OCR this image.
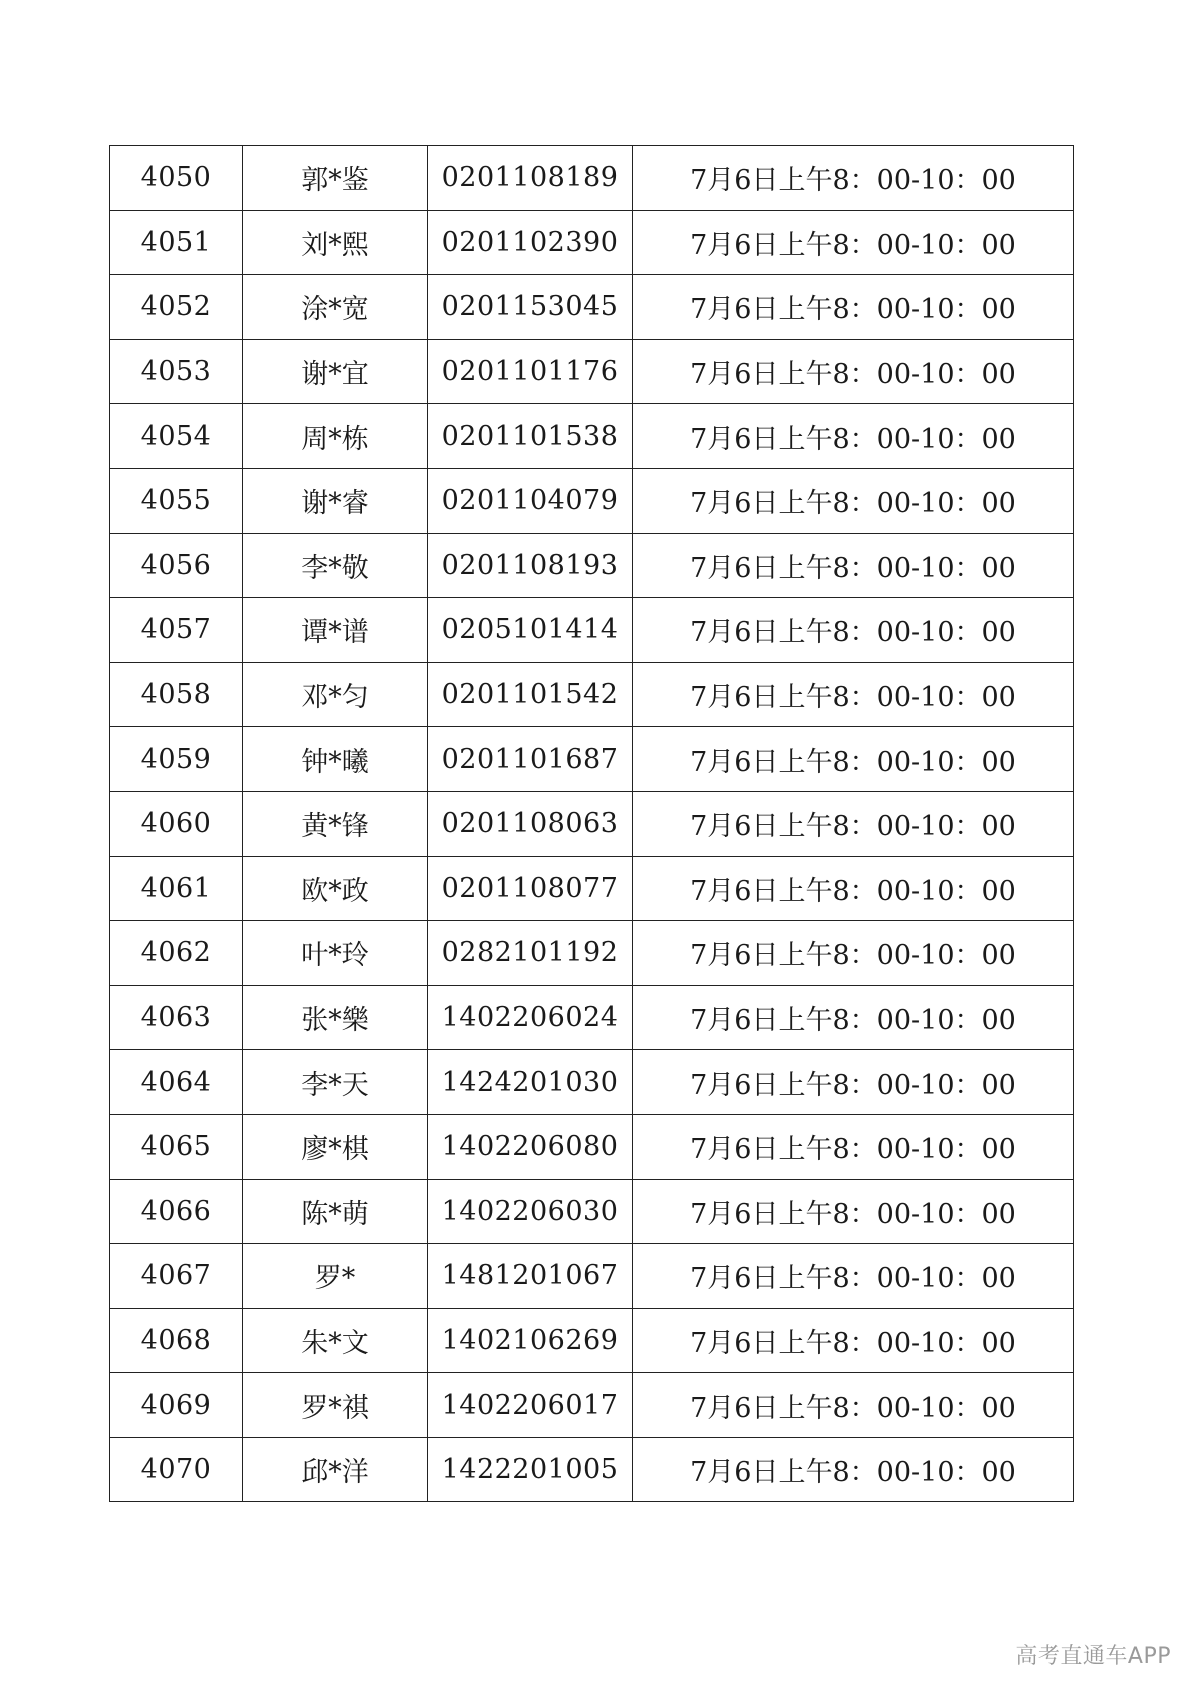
4050	郭*鉴	0201108189	7月6日上午8：00-10：00
4051	刘*熙	0201102390	7月6日上午8：00-10：00
4052	涂*宽	0201153045	7月6日上午8：00-10：00
4053	谢*宜	0201101176	7月6日上午8：00-10：00
4054	周*栋	0201101538	7月6日上午8：00-10：00
4055	谢*睿	0201104079	7月6日上午8：00-10：00
4056	李*敬	0201108193	7月6日上午8：00-10：00
4057	谭*谱	0205101414	7月6日上午8：00-10：00
4058	邓*匀	0201101542	7月6日上午8：00-10：00
4059	钟*曦	0201101687	7月6日上午8：00-10：00
4060	黄*锋	0201108063	7月6日上午8：00-10：00
4061	欧*政	0201108077	7月6日上午8：00-10：00
4062	叶*玲	0282101192	7月6日上午8：00-10：00
4063	张*樂	1402206024	7月6日上午8：00-10：00
4064	李*天	1424201030	7月6日上午8：00-10：00
4065	廖*棋	1402206080	7月6日上午8：00-10：00
4066	陈*萌	1402206030	7月6日上午8：00-10：00
4067	罗*	1481201067	7月6日上午8：00-10：00
4068	朱*文	1402106269	7月6日上午8：00-10：00
4069	罗*祺	1402206017	7月6日上午8：00-10：00
4070	邱*洋	1422201005	7月6日上午8：00-10：00
高考直通车APP
